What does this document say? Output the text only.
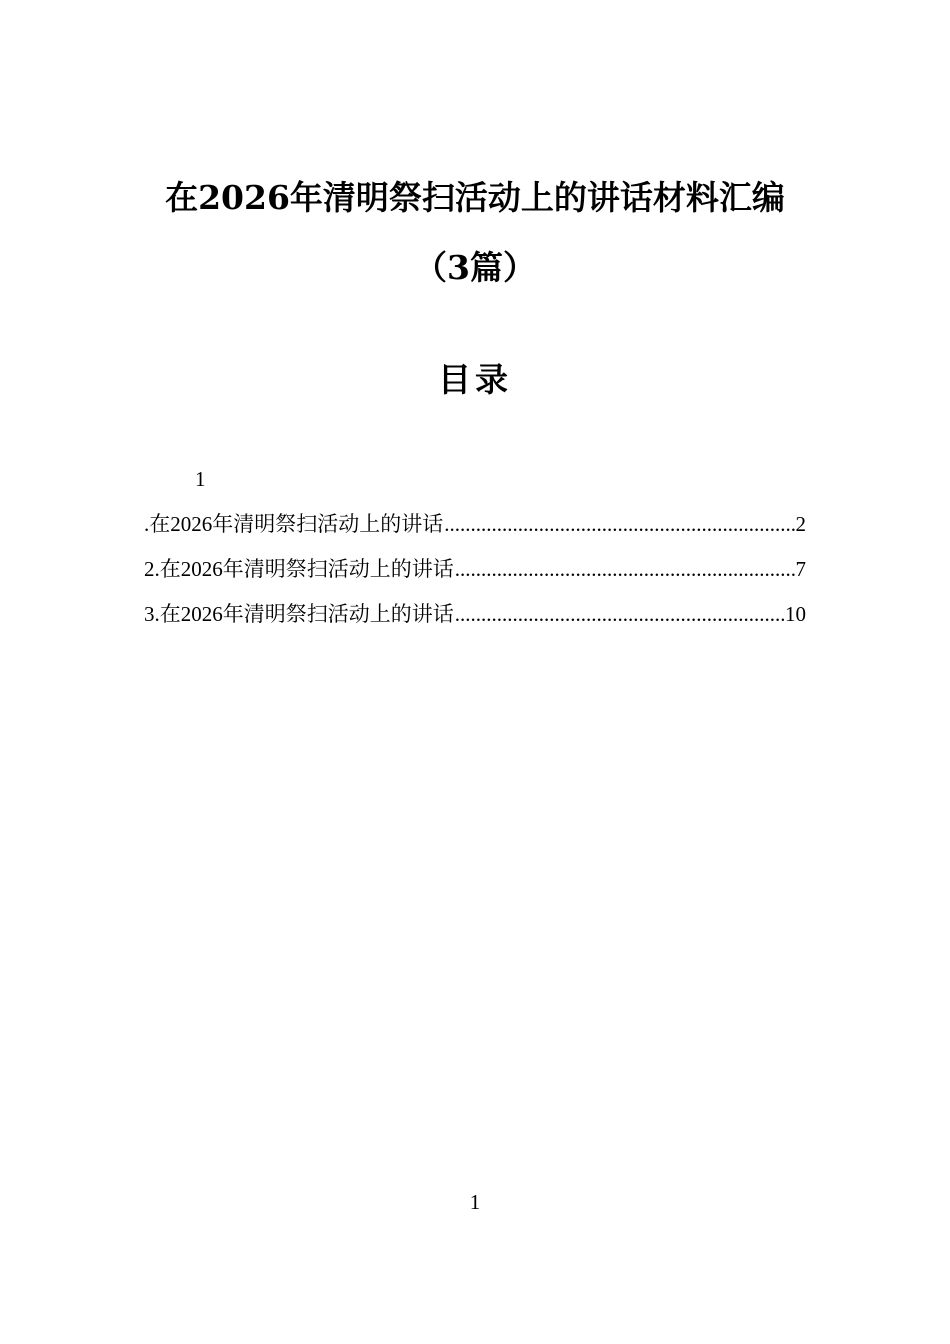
在2026年清明祭扫活动上的讲话材料汇编
（3篇）
目录
1
.在2026年清明祭扫活动上的讲话 .....	2
2.在2026年清明祭扫活动上的讲话 .....	7
3.在2026年清明祭扫活动上的讲话 .....	10
1
